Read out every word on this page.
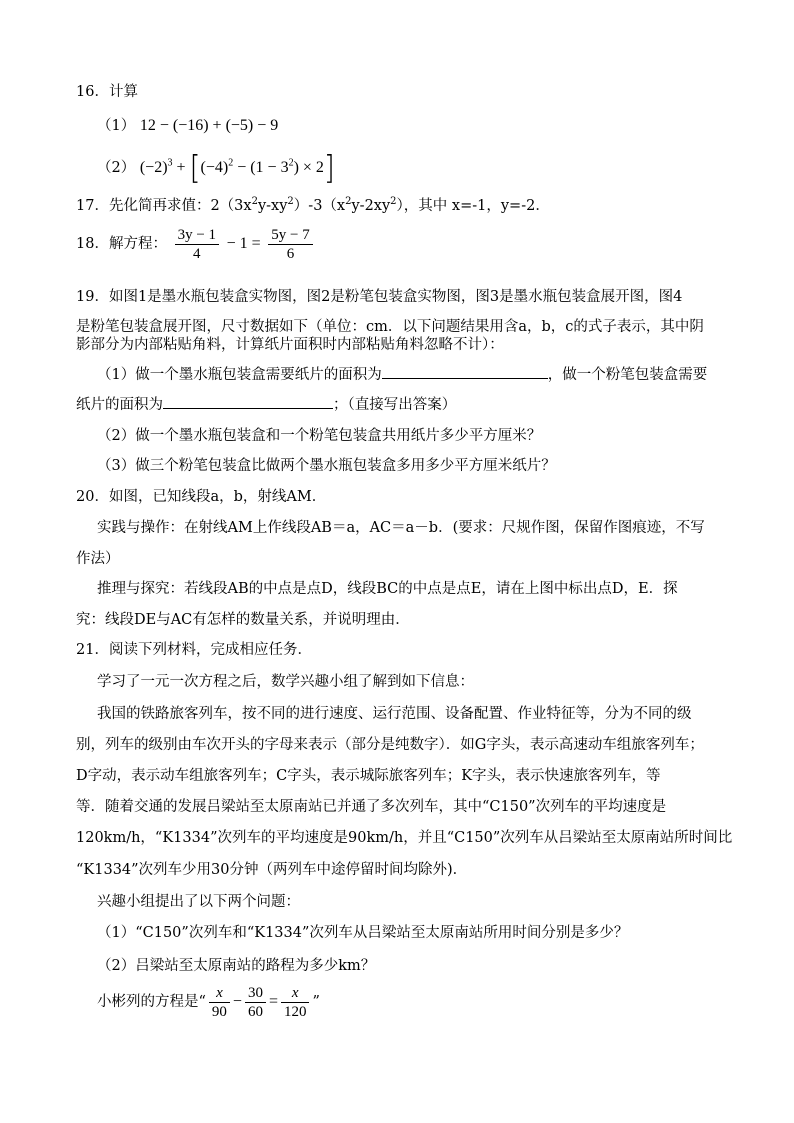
16．计算
（1） 12 − (−16) + (−5) − 9
（2） $(-2)^3 + [(-4)^2 - (1 - 3^2) \times 2]$
17．先化简再求值：$2(3x^2y-xy^2)-3(x^2y-2xy^2)$，其中 x=-1，y=-2．
18．解方程： $\frac{3y - 1}{4} - 1 = \frac{5y - 7}{6}$
19．如图1是墨水瓶包装盒实物图，图2是粉笔包装盒实物图，图3是墨水瓶包装盒展开图，图4
是粉笔包装盒展开图，尺寸数据如下（单位：cm．以下问题结果用含a，b，c的式子表示，其中阴
影部分为内部粘贴角料，计算纸片面积时内部粘贴角料忽略不计）：
（1）做一个墨水瓶包装盒需要纸片的面积为	，做一个粉笔包装盒需要
纸片的面积为	；（直接写出答案）
（2）做一个墨水瓶包装盒和一个粉笔包装盒共用纸片多少平方厘米？
（3）做三个粉笔包装盒比做两个墨水瓶包装盒多用多少平方厘米纸片？
20．如图，已知线段a，b，射线AM．
实践与操作：在射线AM上作线段AB＝a，AC＝a－b．(要求：尺规作图，保留作图痕迹，不写
作法）
推理与探究：若线段AB的中点是点D，线段BC的中点是点E，请在上图中标出点D，E．探
究：线段DE与AC有怎样的数量关系，并说明理由．
21．阅读下列材料，完成相应任务．
学习了一元一次方程之后，数学兴趣小组了解到如下信息：
我国的铁路旅客列车，按不同的进行速度、运行范围、设备配置、作业特征等，分为不同的级
别，列车的级别由车次开头的字母来表示（部分是纯数字）．如G字头，表示高速动车组旅客列车；
D字动，表示动车组旅客列车；C字头，表示城际旅客列车；K字头，表示快速旅客列车，等
等．随着交通的发展吕梁站至太原南站已并通了多次列车，其中“C150”次列车的平均速度是
120km/h，“K1334”次列车的平均速度是90km/h，并且“C150”次列车从吕梁站至太原南站所时间比
“K1334”次列车少用30分钟（两列车中途停留时间均除外)．
兴趣小组提出了以下两个问题：
（1）“C150”次列车和“K1334”次列车从吕梁站至太原南站所用时间分别是多少？
（2）吕梁站至太原南站的路程为多少km？
小彬列的方程是“ $\frac{x}{90} - \frac{30}{60} = \frac{x}{120}$ ”
